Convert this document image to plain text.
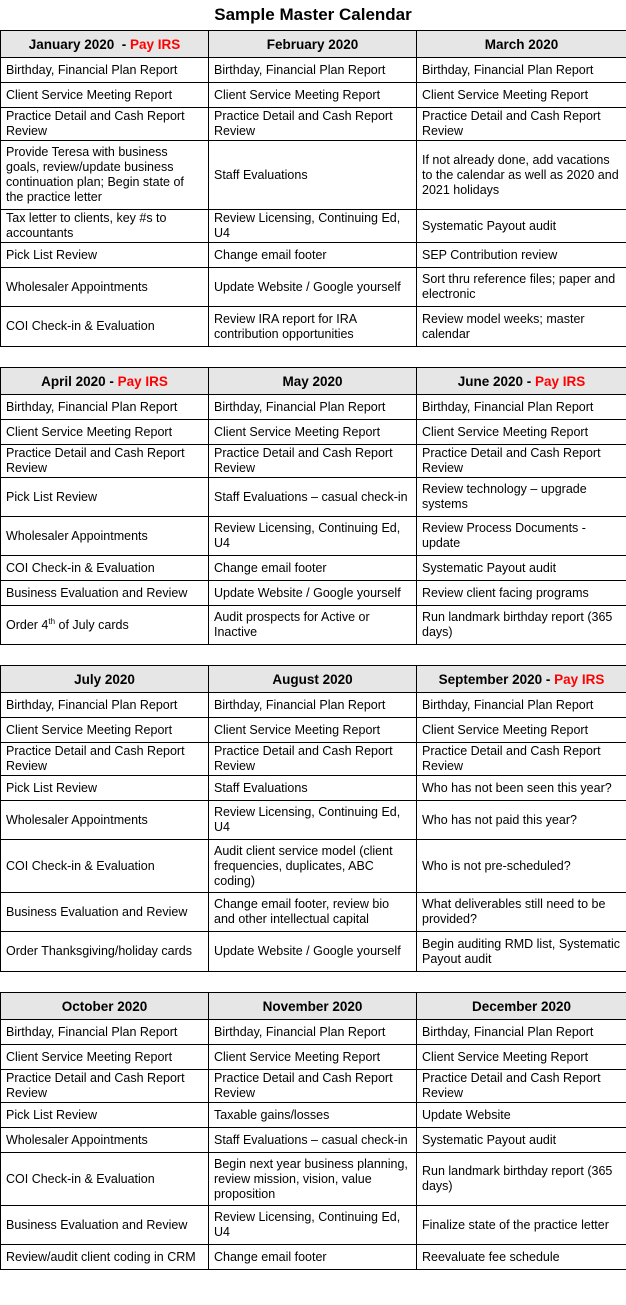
Sample Master Calendar
January 2020  - Pay IRS	February 2020	March 2020
Birthday, Financial Plan Report	Birthday, Financial Plan Report	Birthday, Financial Plan Report
Client Service Meeting Report	Client Service Meeting Report	Client Service Meeting Report
Practice Detail and Cash Report Review	Practice Detail and Cash Report Review	Practice Detail and Cash Report Review
Provide Teresa with business goals, review/update business continuation plan; Begin state of the practice letter	Staff Evaluations	If not already done, add vacations to the calendar as well as 2020 and 2021 holidays
Tax letter to clients, key #s to accountants	Review Licensing, Continuing Ed, U4	Systematic Payout audit
Pick List Review	Change email footer	SEP Contribution review
Wholesaler Appointments	Update Website / Google yourself	Sort thru reference files; paper and electronic
COI Check-in & Evaluation	Review IRA report for IRA contribution opportunities	Review model weeks; master calendar
April 2020 - Pay IRS	May 2020	June 2020 - Pay IRS
Birthday, Financial Plan Report	Birthday, Financial Plan Report	Birthday, Financial Plan Report
Client Service Meeting Report	Client Service Meeting Report	Client Service Meeting Report
Practice Detail and Cash Report Review	Practice Detail and Cash Report Review	Practice Detail and Cash Report Review
Pick List Review	Staff Evaluations – casual check-in	Review technology – upgrade systems
Wholesaler Appointments	Review Licensing, Continuing Ed, U4	Review Process Documents - update
COI Check-in & Evaluation	Change email footer	Systematic Payout audit
Business Evaluation and Review	Update Website / Google yourself	Review client facing programs
Order 4th of July cards	Audit prospects for Active or Inactive	Run landmark birthday report (365 days)
July 2020	August 2020	September 2020 - Pay IRS
Birthday, Financial Plan Report	Birthday, Financial Plan Report	Birthday, Financial Plan Report
Client Service Meeting Report	Client Service Meeting Report	Client Service Meeting Report
Practice Detail and Cash Report Review	Practice Detail and Cash Report Review	Practice Detail and Cash Report Review
Pick List Review	Staff Evaluations	Who has not been seen this year?
Wholesaler Appointments	Review Licensing, Continuing Ed, U4	Who has not paid this year?
COI Check-in & Evaluation	Audit client service model (client frequencies, duplicates, ABC coding)	Who is not pre-scheduled?
Business Evaluation and Review	Change email footer, review bio and other intellectual capital	What deliverables still need to be provided?
Order Thanksgiving/holiday cards	Update Website / Google yourself	Begin auditing RMD list, Systematic Payout audit
October 2020	November 2020	December 2020
Birthday, Financial Plan Report	Birthday, Financial Plan Report	Birthday, Financial Plan Report
Client Service Meeting Report	Client Service Meeting Report	Client Service Meeting Report
Practice Detail and Cash Report Review	Practice Detail and Cash Report Review	Practice Detail and Cash Report Review
Pick List Review	Taxable gains/losses	Update Website
Wholesaler Appointments	Staff Evaluations – casual check-in	Systematic Payout audit
COI Check-in & Evaluation	Begin next year business planning, review mission, vision, value proposition	Run landmark birthday report (365 days)
Business Evaluation and Review	Review Licensing, Continuing Ed, U4	Finalize state of the practice letter
Review/audit client coding in CRM	Change email footer	Reevaluate fee schedule
